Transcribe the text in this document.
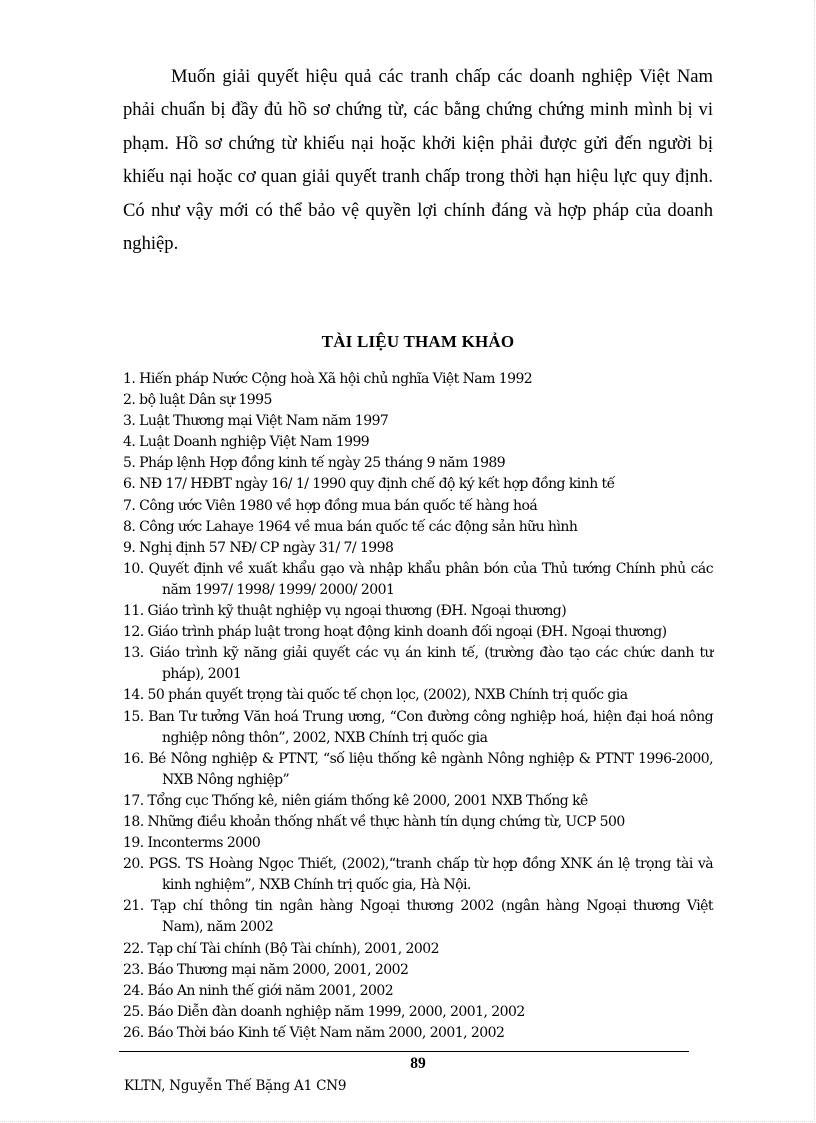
Muốn giải quyết hiệu quả các tranh chấp các doanh nghiệp Việt Nam phải chuẩn bị đầy đủ hồ sơ chứng từ, các bằng chứng chứng minh mình bị vi phạm. Hồ sơ chứng từ khiếu nại hoặc khởi kiện phải được gửi đến người bị khiếu nại hoặc cơ quan giải quyết tranh chấp trong thời hạn hiệu lực quy định. Có như vậy mới có thể bảo vệ quyền lợi chính đáng và hợp pháp của doanh nghiệp.

TÀI LIỆU THAM KHẢO
1. Hiến pháp Nước Cộng hoà Xã hội chủ nghĩa Việt Nam 1992
2. bộ luật Dân sự 1995
3. Luật Thương mại Việt Nam năm 1997
4. Luật Doanh nghiệp Việt Nam 1999
5. Pháp lệnh Hợp đồng kinh tế ngày 25 tháng 9 năm 1989
6. NĐ 17/ HĐBT ngày 16/ 1/ 1990 quy định chế độ ký kết hợp đồng kinh tế
7. Công ước Viên 1980 về hợp đồng mua bán quốc tế hàng hoá
8. Công ước Lahaye 1964 về mua bán quốc tế các động sản hữu hình
9. Nghị định 57 NĐ/ CP ngày 31/ 7/ 1998
10. Quyết định về xuất khẩu gạo và nhập khẩu phân bón của Thủ tướng Chính phủ các năm 1997/ 1998/ 1999/ 2000/ 2001
11. Giáo trình kỹ thuật nghiệp vụ ngoại thương (ĐH. Ngoại thương)
12. Giáo trình pháp luật trong hoạt động kinh doanh đối ngoại (ĐH. Ngoại thương)
13. Giáo trình kỹ năng giải quyết các vụ án kinh tế, (trường đào tạo các chức danh tư pháp), 2001
14. 50 phán quyết trọng tài quốc tế chọn lọc, (2002), NXB Chính trị quốc gia
15. Ban Tư tưởng Văn hoá Trung ương, “Con đường công nghiệp hoá, hiện đại hoá nông nghiệp nông thôn”, 2002, NXB Chính trị quốc gia
16. Bé Nông nghiệp & PTNT, “số liệu thống kê ngành Nông nghiệp & PTNT 1996-2000, NXB Nông nghiệp”
17. Tổng cục Thống kê, niên giám thống kê 2000, 2001 NXB Thống kê
18. Những điều khoản thống nhất về thực hành tín dụng chứng từ, UCP 500
19. Inconterms 2000
20. PGS. TS Hoàng Ngọc Thiết, (2002),“tranh chấp từ hợp đồng XNK án lệ trọng tài và kinh nghiệm”, NXB Chính trị quốc gia, Hà Nội.
21. Tạp chí thông tin ngân hàng Ngoại thương 2002 (ngân hàng Ngoại thương Việt Nam), năm 2002
22. Tạp chí Tài chính (Bộ Tài chính), 2001, 2002
23. Báo Thương mại năm 2000, 2001, 2002
24. Báo An ninh thế giới năm 2001, 2002
25. Báo Diễn đàn doanh nghiệp năm 1999, 2000, 2001, 2002
26. Báo Thời báo Kinh tế Việt Nam năm 2000, 2001, 2002
89
KLTN, Nguyễn Thế Bặng A1 CN9
